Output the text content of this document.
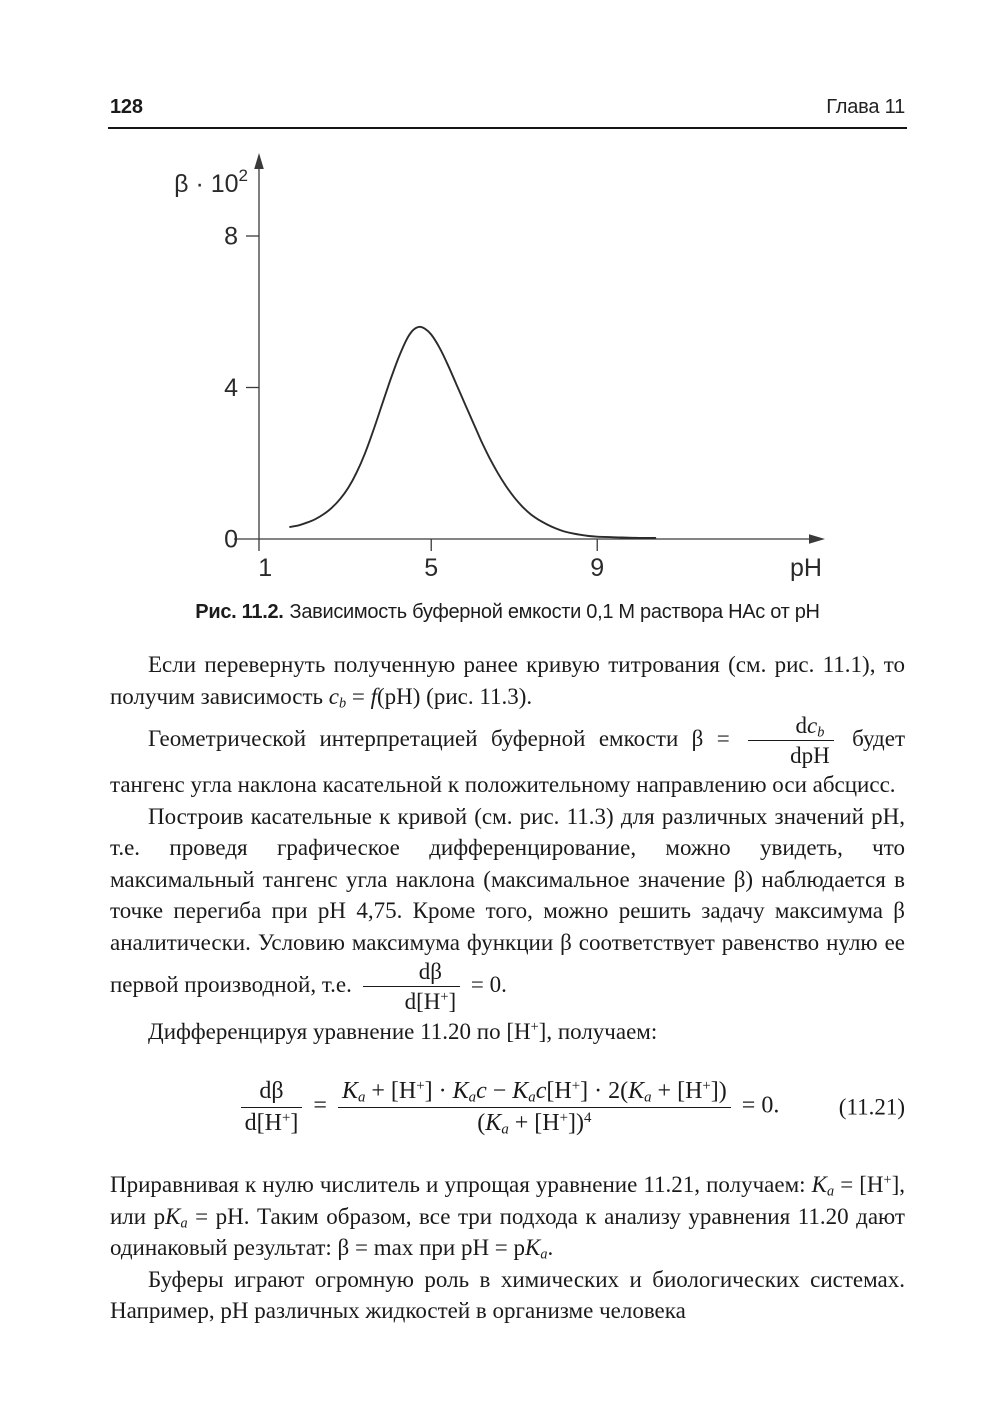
128	Глава 11
$\beta \cdot 10^2$
pH
1	5	9
0
4
8
Рис. 11.2. Зависимость буферной емкости 0,1 М раствора НАс от рН

Если перевернуть полученную ранее кривую титрования (см. рис. 11.1), то получим зависимость cb = f(pH) (рис. 11.3).

Геометрической интерпретацией буферной емкости $\beta = \frac{\text{dcb}}{\text{dpH}}$ будет тангенс угла наклона касательной к положительному направлению оси абсцисс.

Построив касательные к кривой (см. рис. 11.3) для различных значений pH, т.е. проведя графическое дифференцирование, можно увидеть, что максимальный тангенс угла наклона (максимальное значение β) наблюдается в точке перегиба при pH 4,75. Кроме того, можно решить задачу максимума β аналитически. Условию максимума функции β соответствует равенство нулю ее первой производной, т.е. $\frac{d\beta}{d[H^+]} = 0$.

Дифференцируя уравнение 11.20 по [H+], получаем:

$\frac{d\beta}{d[H^+]} = \frac{Ka + [H^+] \cdot Kac - Kac[H^+] \cdot 2(Ka + [H^+])}{(Ka + [H^+])^4} = 0$.	(11.21)

Приравнивая к нулю числитель и упрощая уравнение 11.21, получаем: Ka = [H+], или pKa = pH. Таким образом, все три подхода к анализу уравнения 11.20 дают одинаковый результат: β = max при pH = pKa.

Буферы играют огромную роль в химических и биологических системах. Например, pH различных жидкостей в организме человека
